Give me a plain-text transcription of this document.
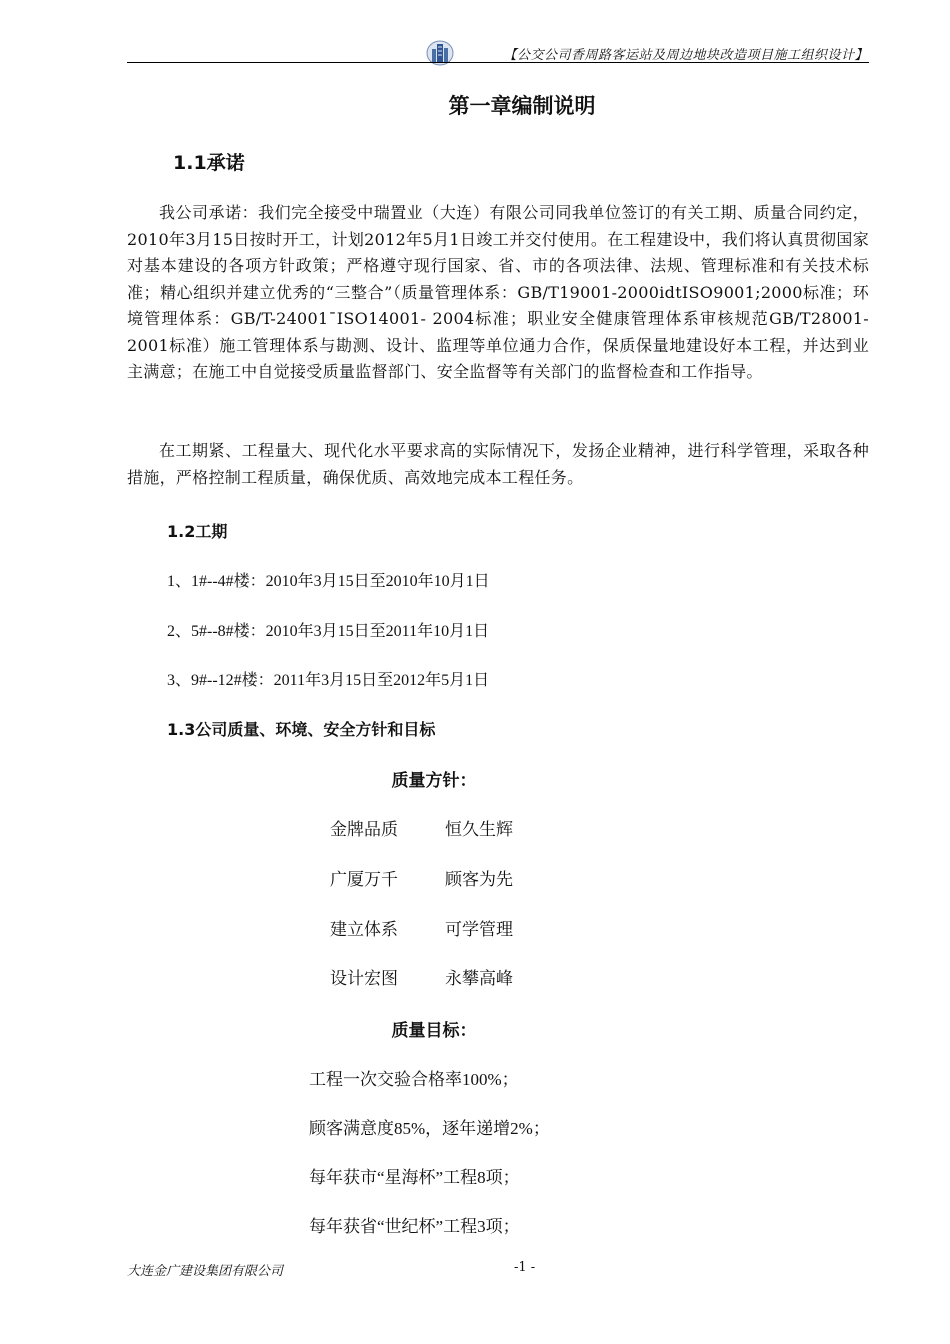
【公交公司香周路客运站及周边地块改造项目施工组织设计】
第一章编制说明
1.1承诺
我公司承诺：我们完全接受中瑞置业（大连）有限公司同我单位签订的有关工期、质量合同约定，2010年3月15日按时开工，计划2012年5月1日竣工并交付使用。在工程建设中，我们将认真贯彻国家对基本建设的各项方针政策；严格遵守现行国家、省、市的各项法律、法规、管理标准和有关技术标准；精心组织并建立优秀的“三整合”（质量管理体系：GB/T19001-2000idtISO9001;2000标准；环境管理体系：GB/T-24001¯ISO14001- 2004标准；职业安全健康管理体系审核规范GB/T28001-2001标准）施工管理体系与勘测、设计、监理等单位通力合作，保质保量地建设好本工程，并达到业主满意；在施工中自觉接受质量监督部门、安全监督等有关部门的监督检查和工作指导。
在工期紧、工程量大、现代化水平要求高的实际情况下，发扬企业精神，进行科学管理，采取各种措施，严格控制工程质量，确保优质、高效地完成本工程任务。
1.2工期
1、1#--4#楼：2010年3月15日至2010年10月1日
2、5#--8#楼：2010年3月15日至2011年10月1日
3、9#--12#楼：2011年3月15日至2012年5月1日
1.3公司质量、环境、安全方针和目标
质量方针：
金牌品质	恒久生辉
广厦万千	顾客为先
建立体系	可学管理
设计宏图	永攀高峰
质量目标：
工程一次交验合格率100%；
顾客满意度85%，逐年递增2%；
每年获市“星海杯”工程8项；
每年获省“世纪杯”工程3项；
大连金广建设集团有限公司	-1 -
